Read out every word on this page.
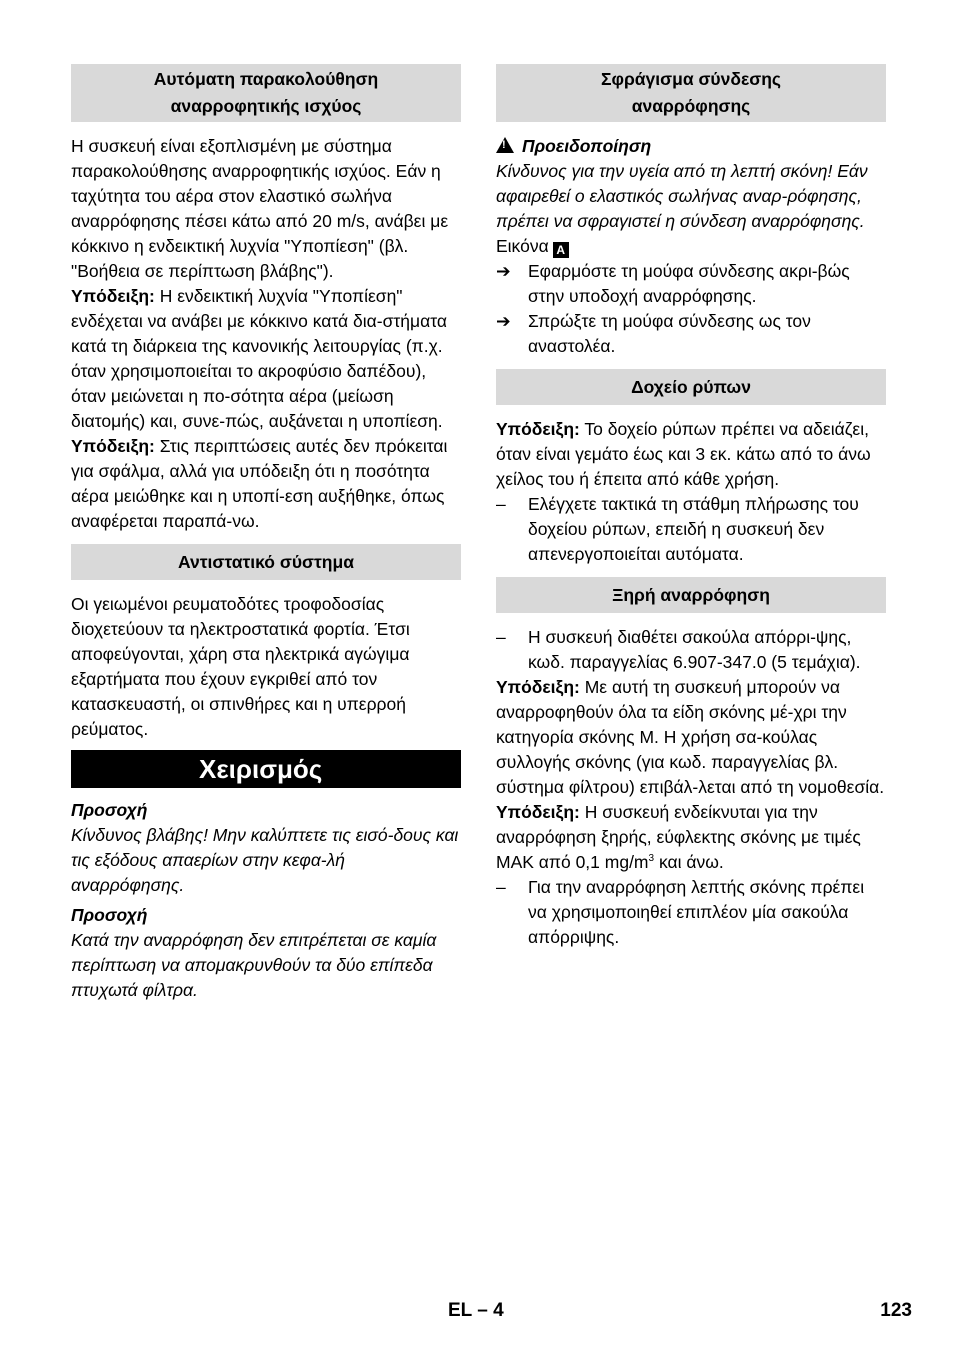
Αυτόματη παρακολούθηση
αναρροφητικής ισχύος

Η συσκευή είναι εξοπλισμένη με σύστημα παρακολούθησης αναρροφητικής ισχύος. Εάν η ταχύτητα του αέρα στον ελαστικό σωλήνα αναρρόφησης πέσει κάτω από 20 m/s, ανάβει με κόκκινο η ενδεικτική λυχνία "Υποπίεση" (βλ. "Βοήθεια σε περίπτωση βλάβης").

Υπόδειξη: Η ενδεικτική λυχνία "Υποπίεση" ενδέχεται να ανάβει με κόκκινο κατά δια-στήματα κατά τη διάρκεια της κανονικής λειτουργίας (π.χ. όταν χρησιμοποιείται το ακροφύσιο δαπέδου), όταν μειώνεται η πο-σότητα αέρα (μείωση διατομής) και, συνε-πώς, αυξάνεται η υποπίεση.

Υπόδειξη: Στις περιπτώσεις αυτές δεν πρόκειται για σφάλμα, αλλά για υπόδειξη ότι η ποσότητα αέρα μειώθηκε και η υποπί-εση αυξήθηκε, όπως αναφέρεται παραπά-νω.

Αντιστατικό σύστημα

Οι γειωμένοι ρευματοδότες τροφοδοσίας διοχετεύουν τα ηλεκτροστατικά φορτία. Έτσι αποφεύγονται, χάρη στα ηλεκτρικά αγώγιμα εξαρτήματα που έχουν εγκριθεί από τον κατασκευαστή, οι σπινθήρες και η υπερροή ρεύματος.

Χειρισμός

Προσοχή

Κίνδυνος βλάβης! Μην καλύπτετε τις εισό-δους και τις εξόδους απαερίων στην κεφα-λή αναρρόφησης.

Προσοχή

Κατά την αναρρόφηση δεν επιτρέπεται σε καμία περίπτωση να απομακρυνθούν τα δύο επίπεδα πτυχωτά φίλτρα.

Σφράγισμα σύνδεσης
αναρρόφησης

!Προειδοποίηση

Κίνδυνος για την υγεία από τη λεπτή σκόνη! Εάν αφαιρεθεί ο ελαστικός σωλήνας αναρ-ρόφησης, πρέπει να σφραγιστεί η σύνδεση αναρρόφησης.

Εικόνα A

➔ Εφαρμόστε τη μούφα σύνδεσης ακρι-βώς στην υποδοχή αναρρόφησης.
➔ Σπρώξτε τη μούφα σύνδεσης ως τον αναστολέα.
Δοχείο ρύπων

Υπόδειξη: Το δοχείο ρύπων πρέπει να αδειάζει, όταν είναι γεμάτο έως και 3 εκ. κάτω από το άνω χείλος του ή έπειτα από κάθε χρήση.

– Ελέγχετε τακτικά τη στάθμη πλήρωσης του δοχείου ρύπων, επειδή η συσκευή δεν απενεργοποιείται αυτόματα.
Ξηρή αναρρόφηση
– Η συσκευή διαθέτει σακούλα απόρρι-ψης, κωδ. παραγγελίας 6.907-347.0 (5 τεμάχια).

Υπόδειξη: Με αυτή τη συσκευή μπορούν να αναρροφηθούν όλα τα είδη σκόνης μέ-χρι την κατηγορία σκόνης M. Η χρήση σα-κούλας συλλογής σκόνης (για κωδ. παραγγελίας βλ. σύστημα φίλτρου) επιβάλ-λεται από τη νομοθεσία.

Υπόδειξη: Η συσκευή ενδείκνυται για την αναρρόφηση ξηρής, εύφλεκτης σκόνης με τιμές MAK από 0,1 $mg/m^3$ και άνω.

– Για την αναρρόφηση λεπτής σκόνης πρέπει να χρησιμοποιηθεί επιπλέον μία σακούλα απόρριψης.
EL – 4	123
